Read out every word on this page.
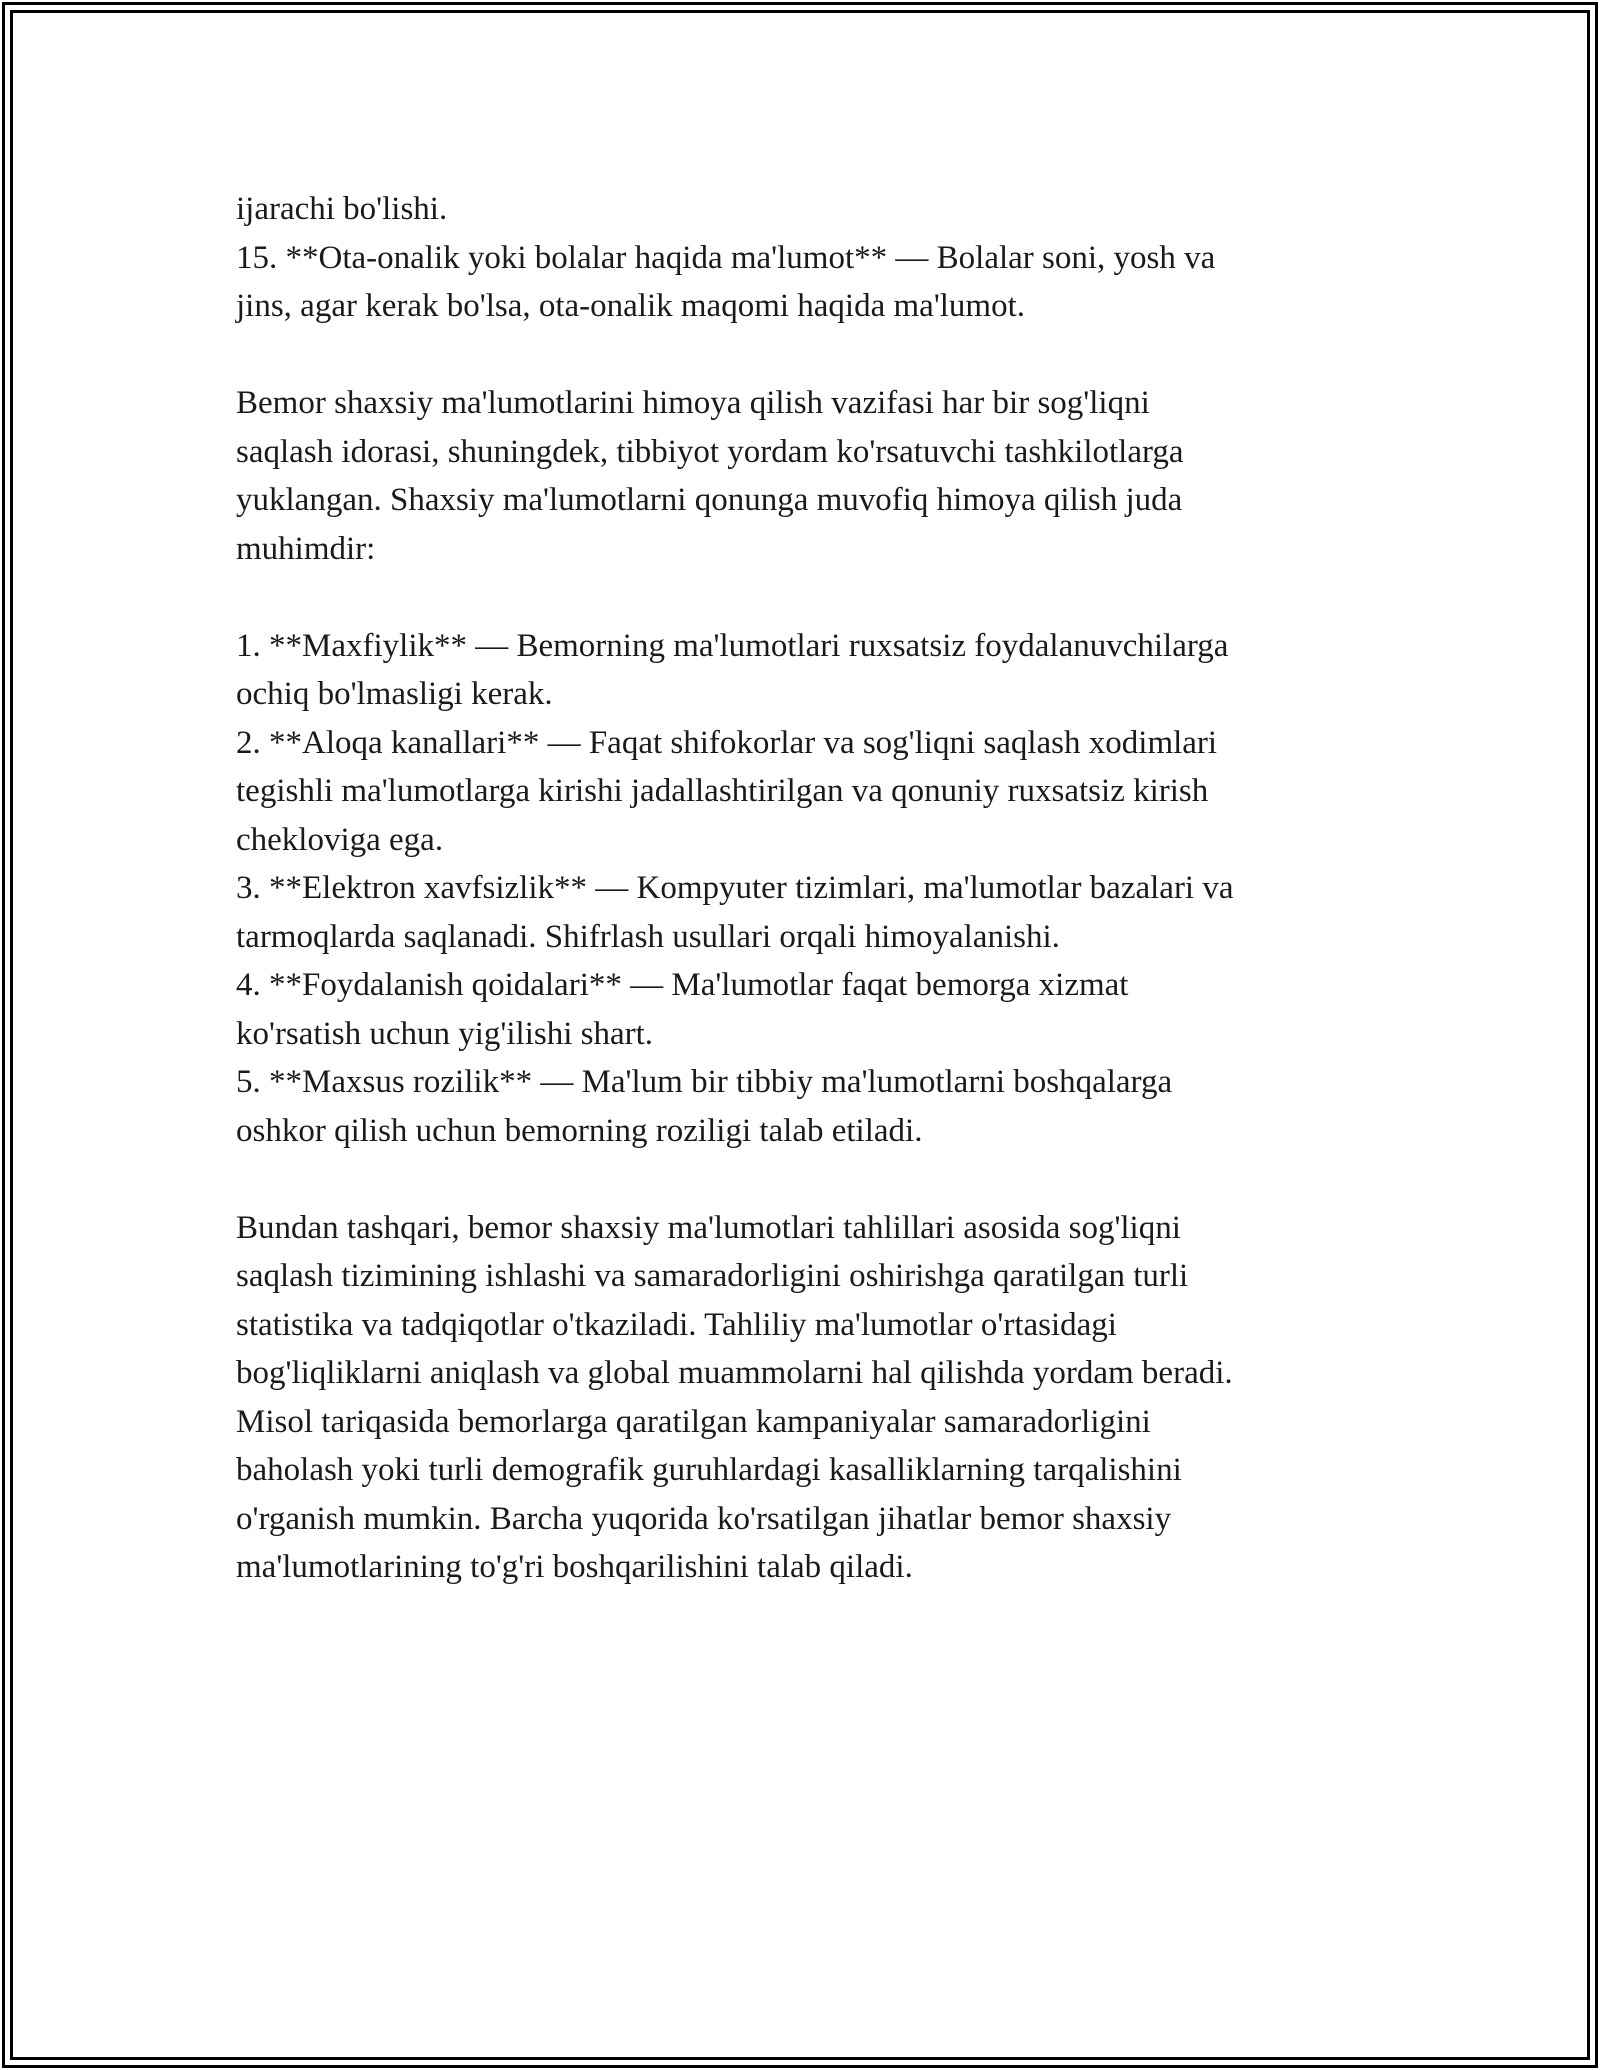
ijarachi bo'lishi.
15. **Ota-onalik yoki bolalar haqida ma'lumot** — Bolalar soni, yosh va
jins, agar kerak bo'lsa, ota-onalik maqomi haqida ma'lumot.
Bemor shaxsiy ma'lumotlarini himoya qilish vazifasi har bir sog'liqni
saqlash idorasi, shuningdek, tibbiyot yordam ko'rsatuvchi tashkilotlarga
yuklangan. Shaxsiy ma'lumotlarni qonunga muvofiq himoya qilish juda
muhimdir:
1. **Maxfiylik** — Bemorning ma'lumotlari ruxsatsiz foydalanuvchilarga
ochiq bo'lmasligi kerak.
2. **Aloqa kanallari** — Faqat shifokorlar va sog'liqni saqlash xodimlari
tegishli ma'lumotlarga kirishi jadallashtirilgan va qonuniy ruxsatsiz kirish
chekloviga ega.
3. **Elektron xavfsizlik** — Kompyuter tizimlari, ma'lumotlar bazalari va
tarmoqlarda saqlanadi. Shifrlash usullari orqali himoyalanishi.
4. **Foydalanish qoidalari** — Ma'lumotlar faqat bemorga xizmat
ko'rsatish uchun yig'ilishi shart.
5. **Maxsus rozilik** — Ma'lum bir tibbiy ma'lumotlarni boshqalarga
oshkor qilish uchun bemorning roziligi talab etiladi.
Bundan tashqari, bemor shaxsiy ma'lumotlari tahlillari asosida sog'liqni
saqlash tizimining ishlashi va samaradorligini oshirishga qaratilgan turli
statistika va tadqiqotlar o'tkaziladi. Tahliliy ma'lumotlar o'rtasidagi
bog'liqliklarni aniqlash va global muammolarni hal qilishda yordam beradi.
Misol tariqasida bemorlarga qaratilgan kampaniyalar samaradorligini
baholash yoki turli demografik guruhlardagi kasalliklarning tarqalishini
o'rganish mumkin. Barcha yuqorida ko'rsatilgan jihatlar bemor shaxsiy
ma'lumotlarining to'g'ri boshqarilishini talab qiladi.
